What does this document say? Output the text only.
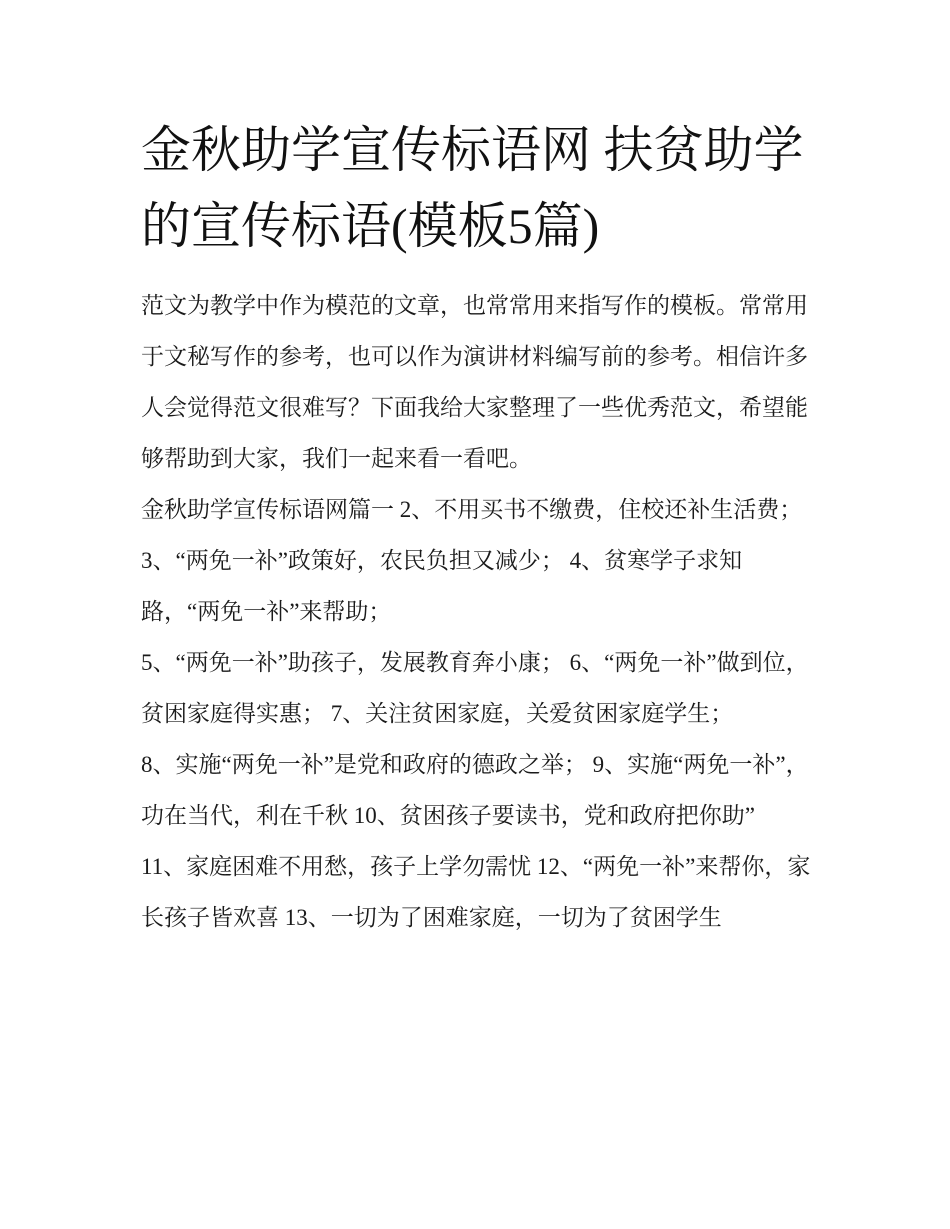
金秋助学宣传标语网 扶贫助学的宣传标语(模板5篇)

范文为教学中作为模范的文章，也常常用来指写作的模板。常常用于文秘写作的参考，也可以作为演讲材料编写前的参考。相信许多人会觉得范文很难写？下面我给大家整理了一些优秀范文，希望能够帮助到大家，我们一起来看一看吧。

金秋助学宣传标语网篇一 2、不用买书不缴费，住校还补生活费； 3、“两免一补”政策好，农民负担又减少； 4、贫寒学子求知路，“两免一补”来帮助；

5、“两免一补”助孩子，发展教育奔小康； 6、“两免一补”做到位，贫困家庭得实惠； 7、关注贫困家庭，关爱贫困家庭学生；

8、实施“两免一补”是党和政府的德政之举； 9、实施“两免一补”，功在当代，利在千秋 10、贫困孩子要读书，党和政府把你助”

11、家庭困难不用愁，孩子上学勿需忧 12、“两免一补”来帮你，家长孩子皆欢喜 13、一切为了困难家庭，一切为了贫困学生
